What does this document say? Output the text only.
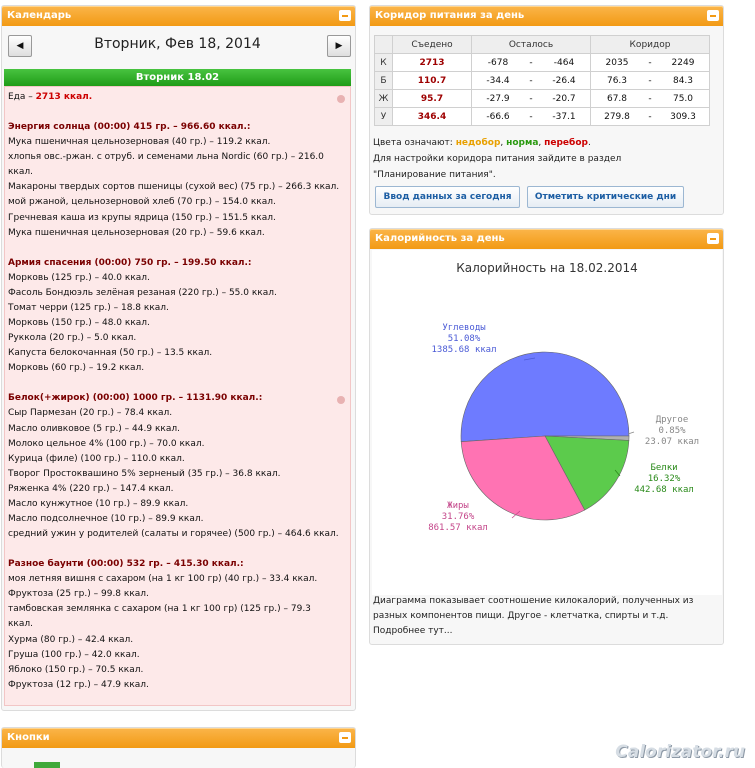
Календарь
◀	Вторник, Фев 18, 2014	▶
Вторник 18.02
Еда – 2713 ккал.
Энергия солнца (00:00) 415 гр. – 966.60 ккал.:
Мука пшеничная цельнозерновая (40 гр.) – 119.2 ккал.
хлопья овс.-ржан. с отруб. и семенами льна Nordic (60 гр.) – 216.0
ккал.
Макароны твердых сортов пшеницы (сухой вес) (75 гр.) – 266.3 ккал.
мой ржаной, цельнозерновой хлеб (70 гр.) – 154.0 ккал.
Гречневая каша из крупы ядрица (150 гр.) – 151.5 ккал.
Мука пшеничная цельнозерновая (20 гр.) – 59.6 ккал.
Армия спасения (00:00) 750 гр. – 199.50 ккал.:
Морковь (125 гр.) – 40.0 ккал.
Фасоль Бондюэль зелёная резаная (220 гр.) – 55.0 ккал.
Томат черри (125 гр.) – 18.8 ккал.
Морковь (150 гр.) – 48.0 ккал.
Руккола (20 гр.) – 5.0 ккал.
Капуста белокочанная (50 гр.) – 13.5 ккал.
Морковь (60 гр.) – 19.2 ккал.
Белок(+жирок) (00:00) 1000 гр. – 1131.90 ккал.:
Сыр Пармезан (20 гр.) – 78.4 ккал.
Масло оливковое (5 гр.) – 44.9 ккал.
Молоко цельное 4% (100 гр.) – 70.0 ккал.
Курица (филе) (100 гр.) – 110.0 ккал.
Творог Простоквашино 5% зерненый (35 гр.) – 36.8 ккал.
Ряженка 4% (220 гр.) – 147.4 ккал.
Масло кунжутное (10 гр.) – 89.9 ккал.
Масло подсолнечное (10 гр.) – 89.9 ккал.
средний ужин у родителей (салаты и горячее) (500 гр.) – 464.6 ккал.
Разное баунти (00:00) 532 гр. – 415.30 ккал.:
моя летняя вишня с сахаром (на 1 кг 100 гр) (40 гр.) – 33.4 ккал.
Фруктоза (25 гр.) – 99.8 ккал.
тамбовская землянка с сахаром (на 1 кг 100 гр) (125 гр.) – 79.3
ккал.
Хурма (80 гр.) – 42.4 ккал.
Груша (100 гр.) – 42.0 ккал.
Яблоко (150 гр.) – 70.5 ккал.
Фруктоза (12 гр.) – 47.9 ккал.
Кнопки
Коридор питания за день
	Съедено	Осталось			Коридор		
К	2713	-678	-	-464	2035	-	2249
Б	110.7	-34.4	-	-26.4	76.3	-	84.3
Ж	95.7	-27.9	-	-20.7	67.8	-	75.0
У	346.4	-66.6	-	-37.1	279.8	-	309.3
Цвета означают: недобор, норма, перебор.
Для настройки коридора питания зайдите в раздел
"Планирование питания".
Ввод данных за сегодня	Отметить критические дни
Калорийность за день
Калорийность на 18.02.2014
Углеводы
51.08%
1385.68 ккал
Другое
0.85%
23.07 ккал
Белки
16.32%
442.68 ккал
Жиры
31.76%
861.57 ккал
Диаграмма показывает соотношение килокалорий, полученных из
разных компонентов пищи. Другое - клетчатка, спирты и т.д.
Подробнее тут...
Calorizator.ru
